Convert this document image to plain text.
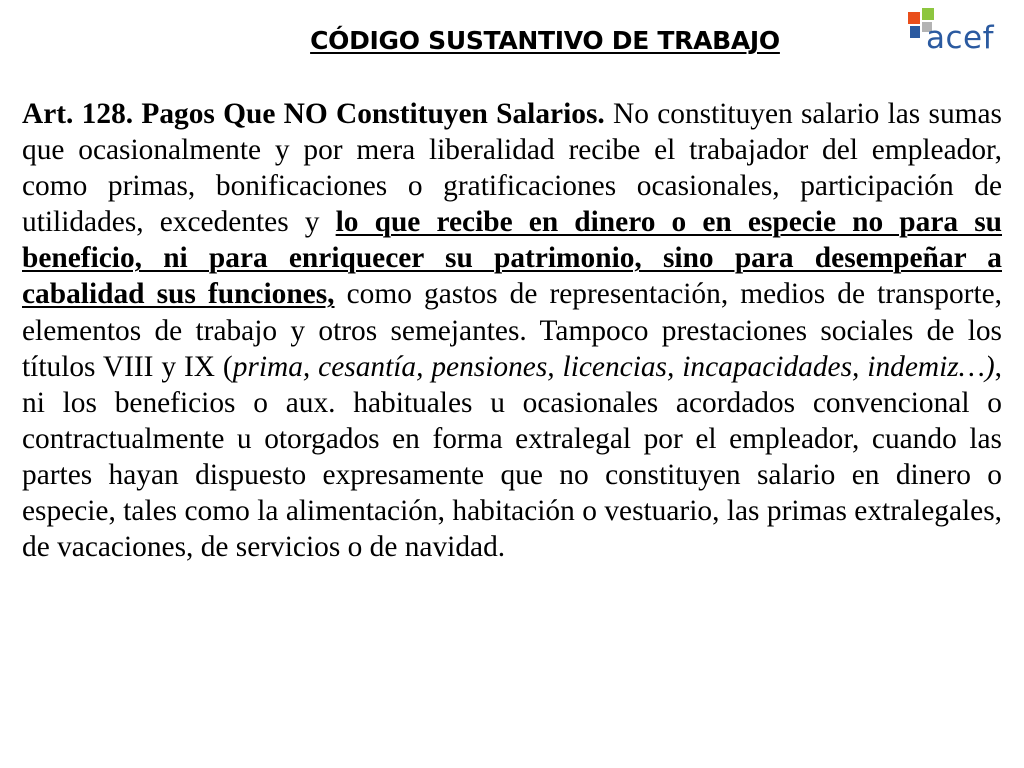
CÓDIGO SUSTANTIVO DE TRABAJO	acef

Art. 128. Pagos Que NO Constituyen Salarios. No constituyen salario las sumas que ocasionalmente y por mera liberalidad recibe el trabajador del empleador, como primas, bonificaciones o gratificaciones ocasionales, participación de utilidades, excedentes y lo que recibe en dinero o en especie no para su beneficio, ni para enriquecer su patrimonio, sino para desempeñar a cabalidad sus funciones, como gastos de representación, medios de transporte, elementos de trabajo y otros semejantes. Tampoco prestaciones sociales de los títulos VIII y IX (prima, cesantía, pensiones, licencias, incapacidades, indemiz…), ni los beneficios o aux. habituales u ocasionales acordados convencional o contractualmente u otorgados en forma extralegal por el empleador, cuando las partes hayan dispuesto expresamente que no constituyen salario en dinero o especie, tales como la alimentación, habitación o vestuario, las primas extralegales, de vacaciones, de servicios o de navidad.
